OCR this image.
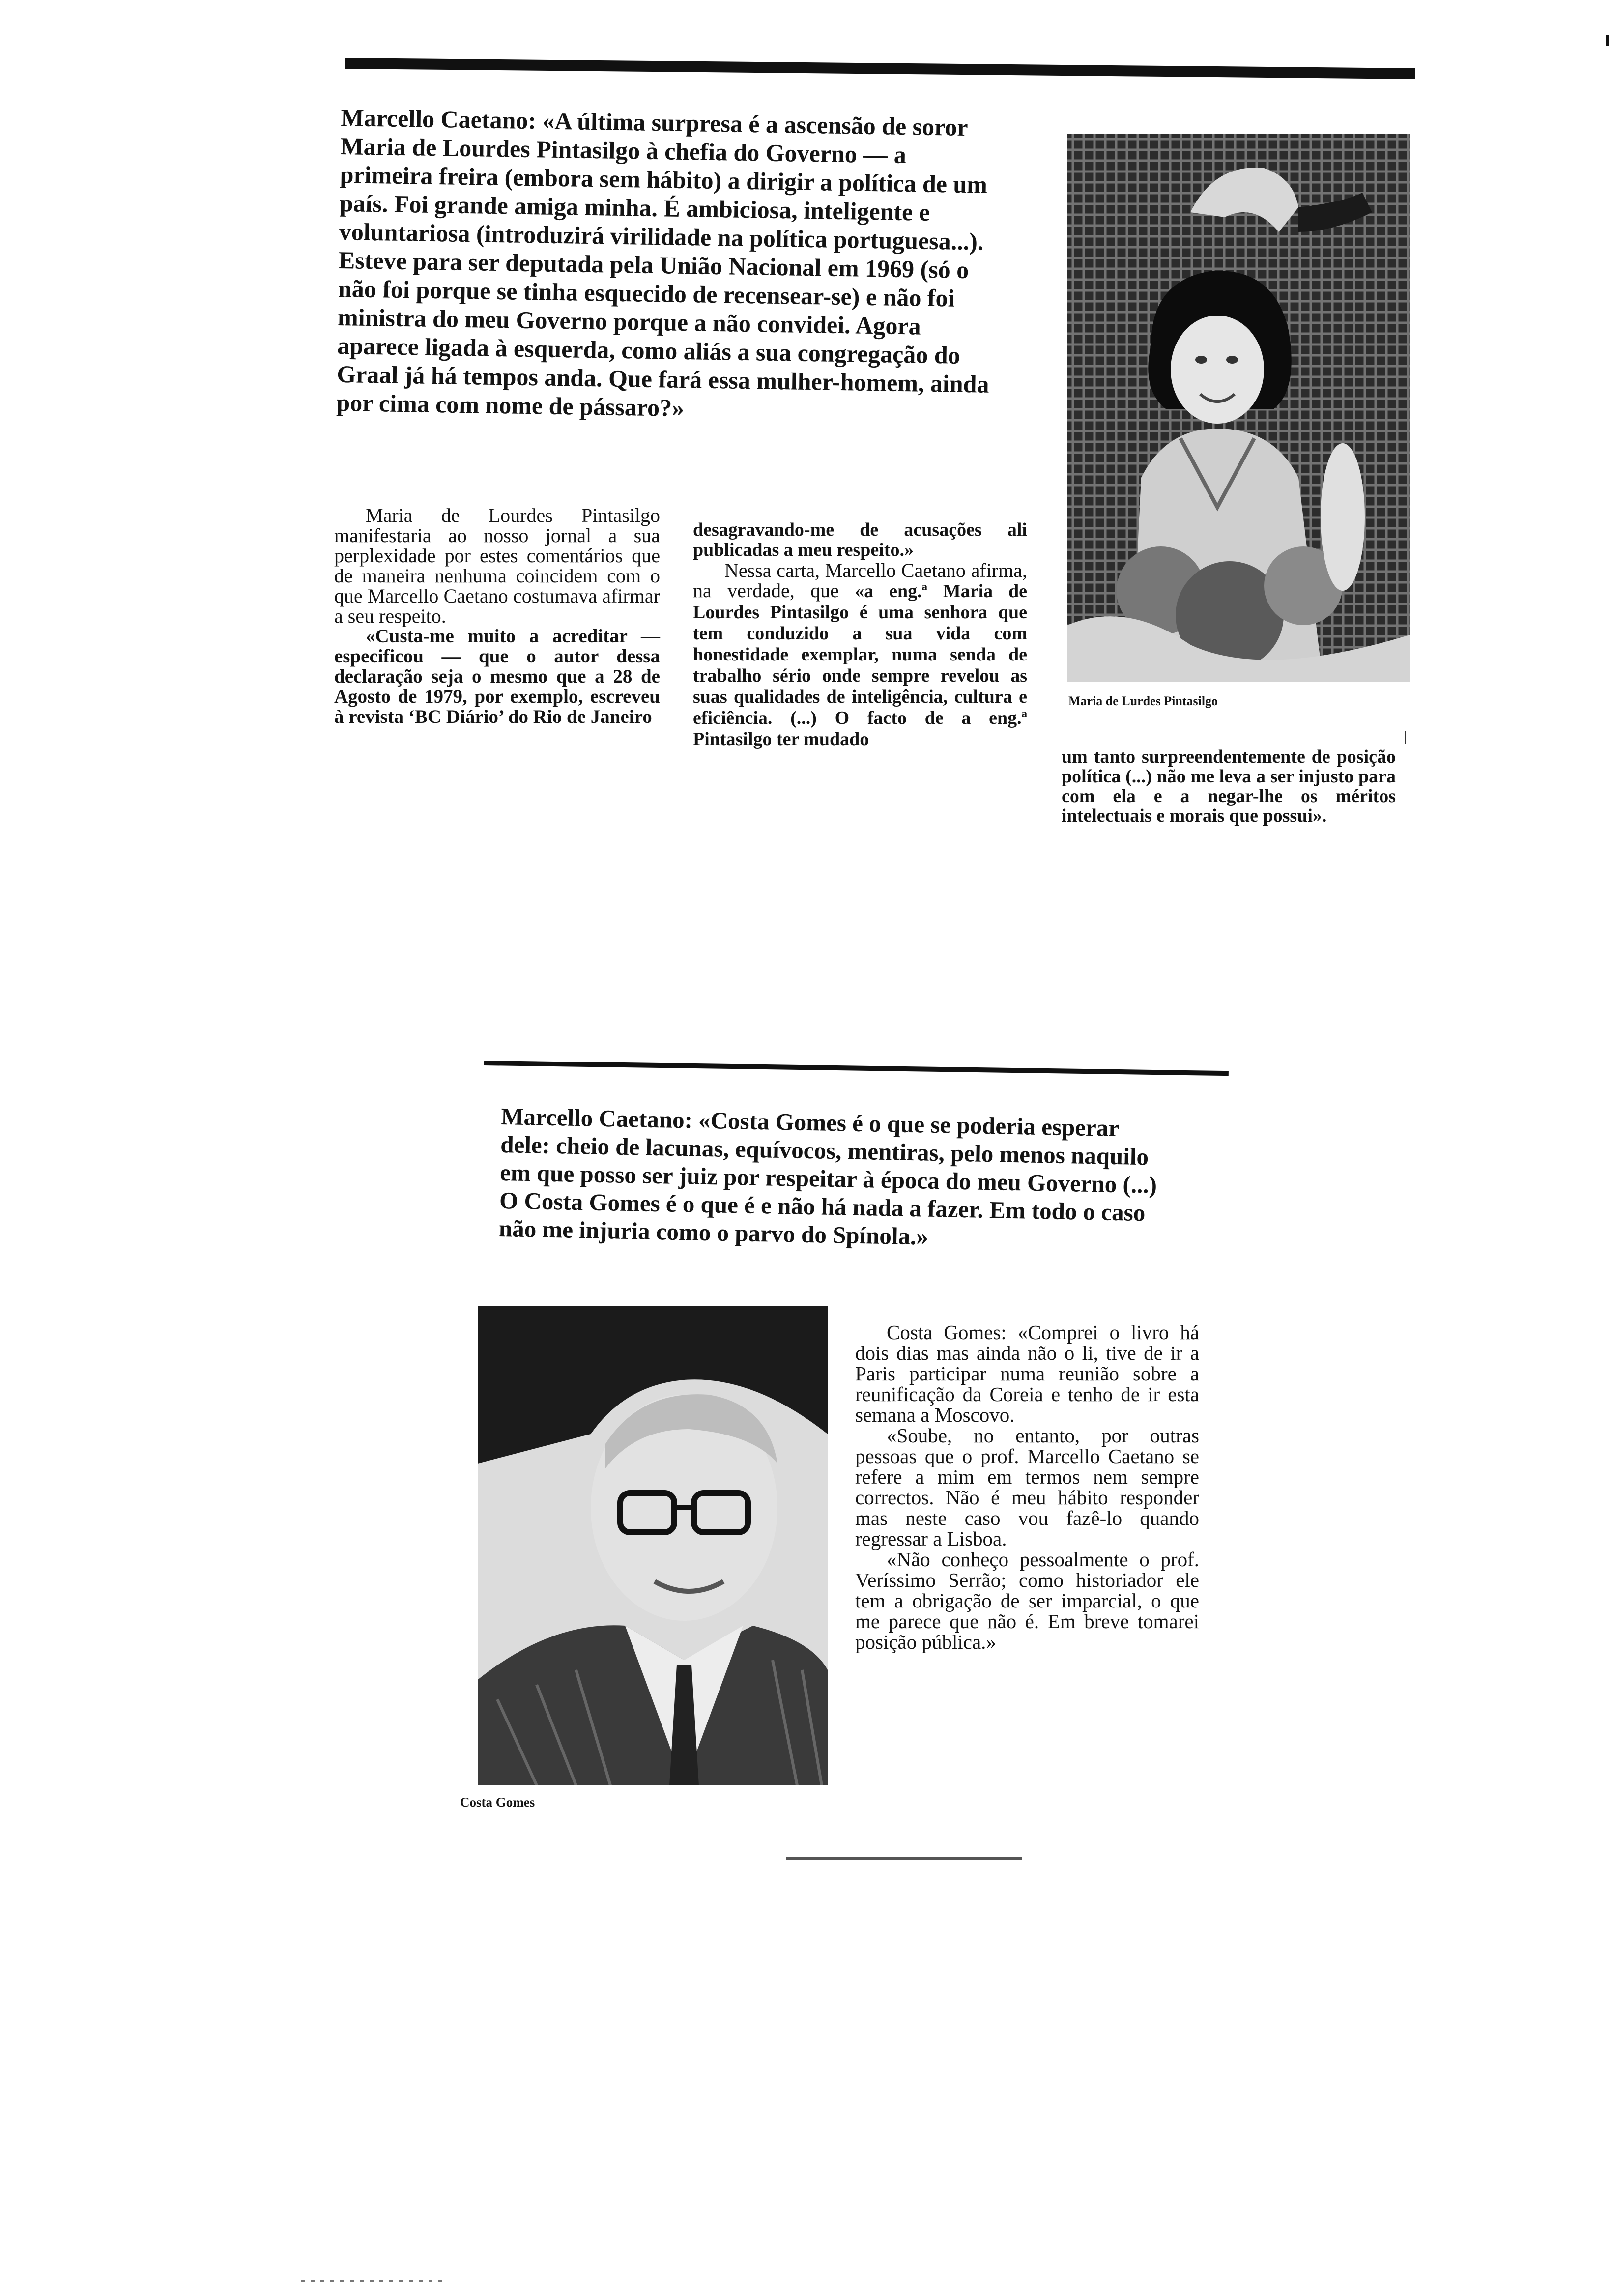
Marcello Caetano: «A última surpresa é a ascensão de soror Maria de Lourdes Pintasilgo à chefia do Governo — a primeira freira (embora sem hábito) a dirigir a política de um país. Foi grande amiga minha. É ambiciosa, inteligente e voluntariosa (introduzirá virilidade na política portuguesa...). Esteve para ser deputada pela União Nacional em 1969 (só o não foi porque se tinha esquecido de recensear-se) e não foi ministra do meu Governo porque a não convidei. Agora aparece ligada à esquerda, como aliás a sua congregação do Graal já há tempos anda. Que fará essa mulher-homem, ainda por cima com nome de pássaro?»

Maria de Lourdes Pintasilgo manifestaria ao nosso jornal a sua perplexidade por estes comentários que de maneira nenhuma coincidem com o que Marcello Caetano costumava afirmar a seu respeito.

«Custa-me muito a acreditar — especificou — que o autor dessa declaração seja o mesmo que a 28 de Agosto de 1979, por exemplo, escreveu à revista ‘BC Diário’ do Rio de Janeiro

desagravando-me de acusações ali publicadas a meu respeito.»

Nessa carta, Marcello Caetano afirma, na verdade, que «a eng.ª Maria de Lourdes Pintasilgo é uma senhora que tem conduzido a sua vida com honestidade exemplar, numa senda de trabalho sério onde sempre revelou as suas qualidades de inteligência, cultura e eficiência. (...) O facto de a eng.ª Pintasilgo ter mudado

Maria de Lurdes Pintasilgo

um tanto surpreendentemente de posição política (...) não me leva a ser injusto para com ela e a negar-lhe os méritos intelectuais e morais que possui».

Marcello Caetano: «Costa Gomes é o que se poderia esperar dele: cheio de lacunas, equívocos, mentiras, pelo menos naquilo em que posso ser juiz por respeitar à época do meu Governo (...) O Costa Gomes é o que é e não há nada a fazer. Em todo o caso não me injuria como o parvo do Spínola.»
Costa Gomes

Costa Gomes: «Comprei o livro há dois dias mas ainda não o li, tive de ir a Paris participar numa reunião sobre a reunificação da Coreia e tenho de ir esta semana a Moscovo.

«Soube, no entanto, por outras pessoas que o prof. Marcello Caetano se refere a mim em termos nem sempre correctos. Não é meu hábito responder mas neste caso vou fazê-lo quando regressar a Lisboa.

«Não conheço pessoalmente o prof. Veríssimo Serrão; como historiador ele tem a obrigação de ser imparcial, o que me parece que não é. Em breve tomarei posição pública.»
